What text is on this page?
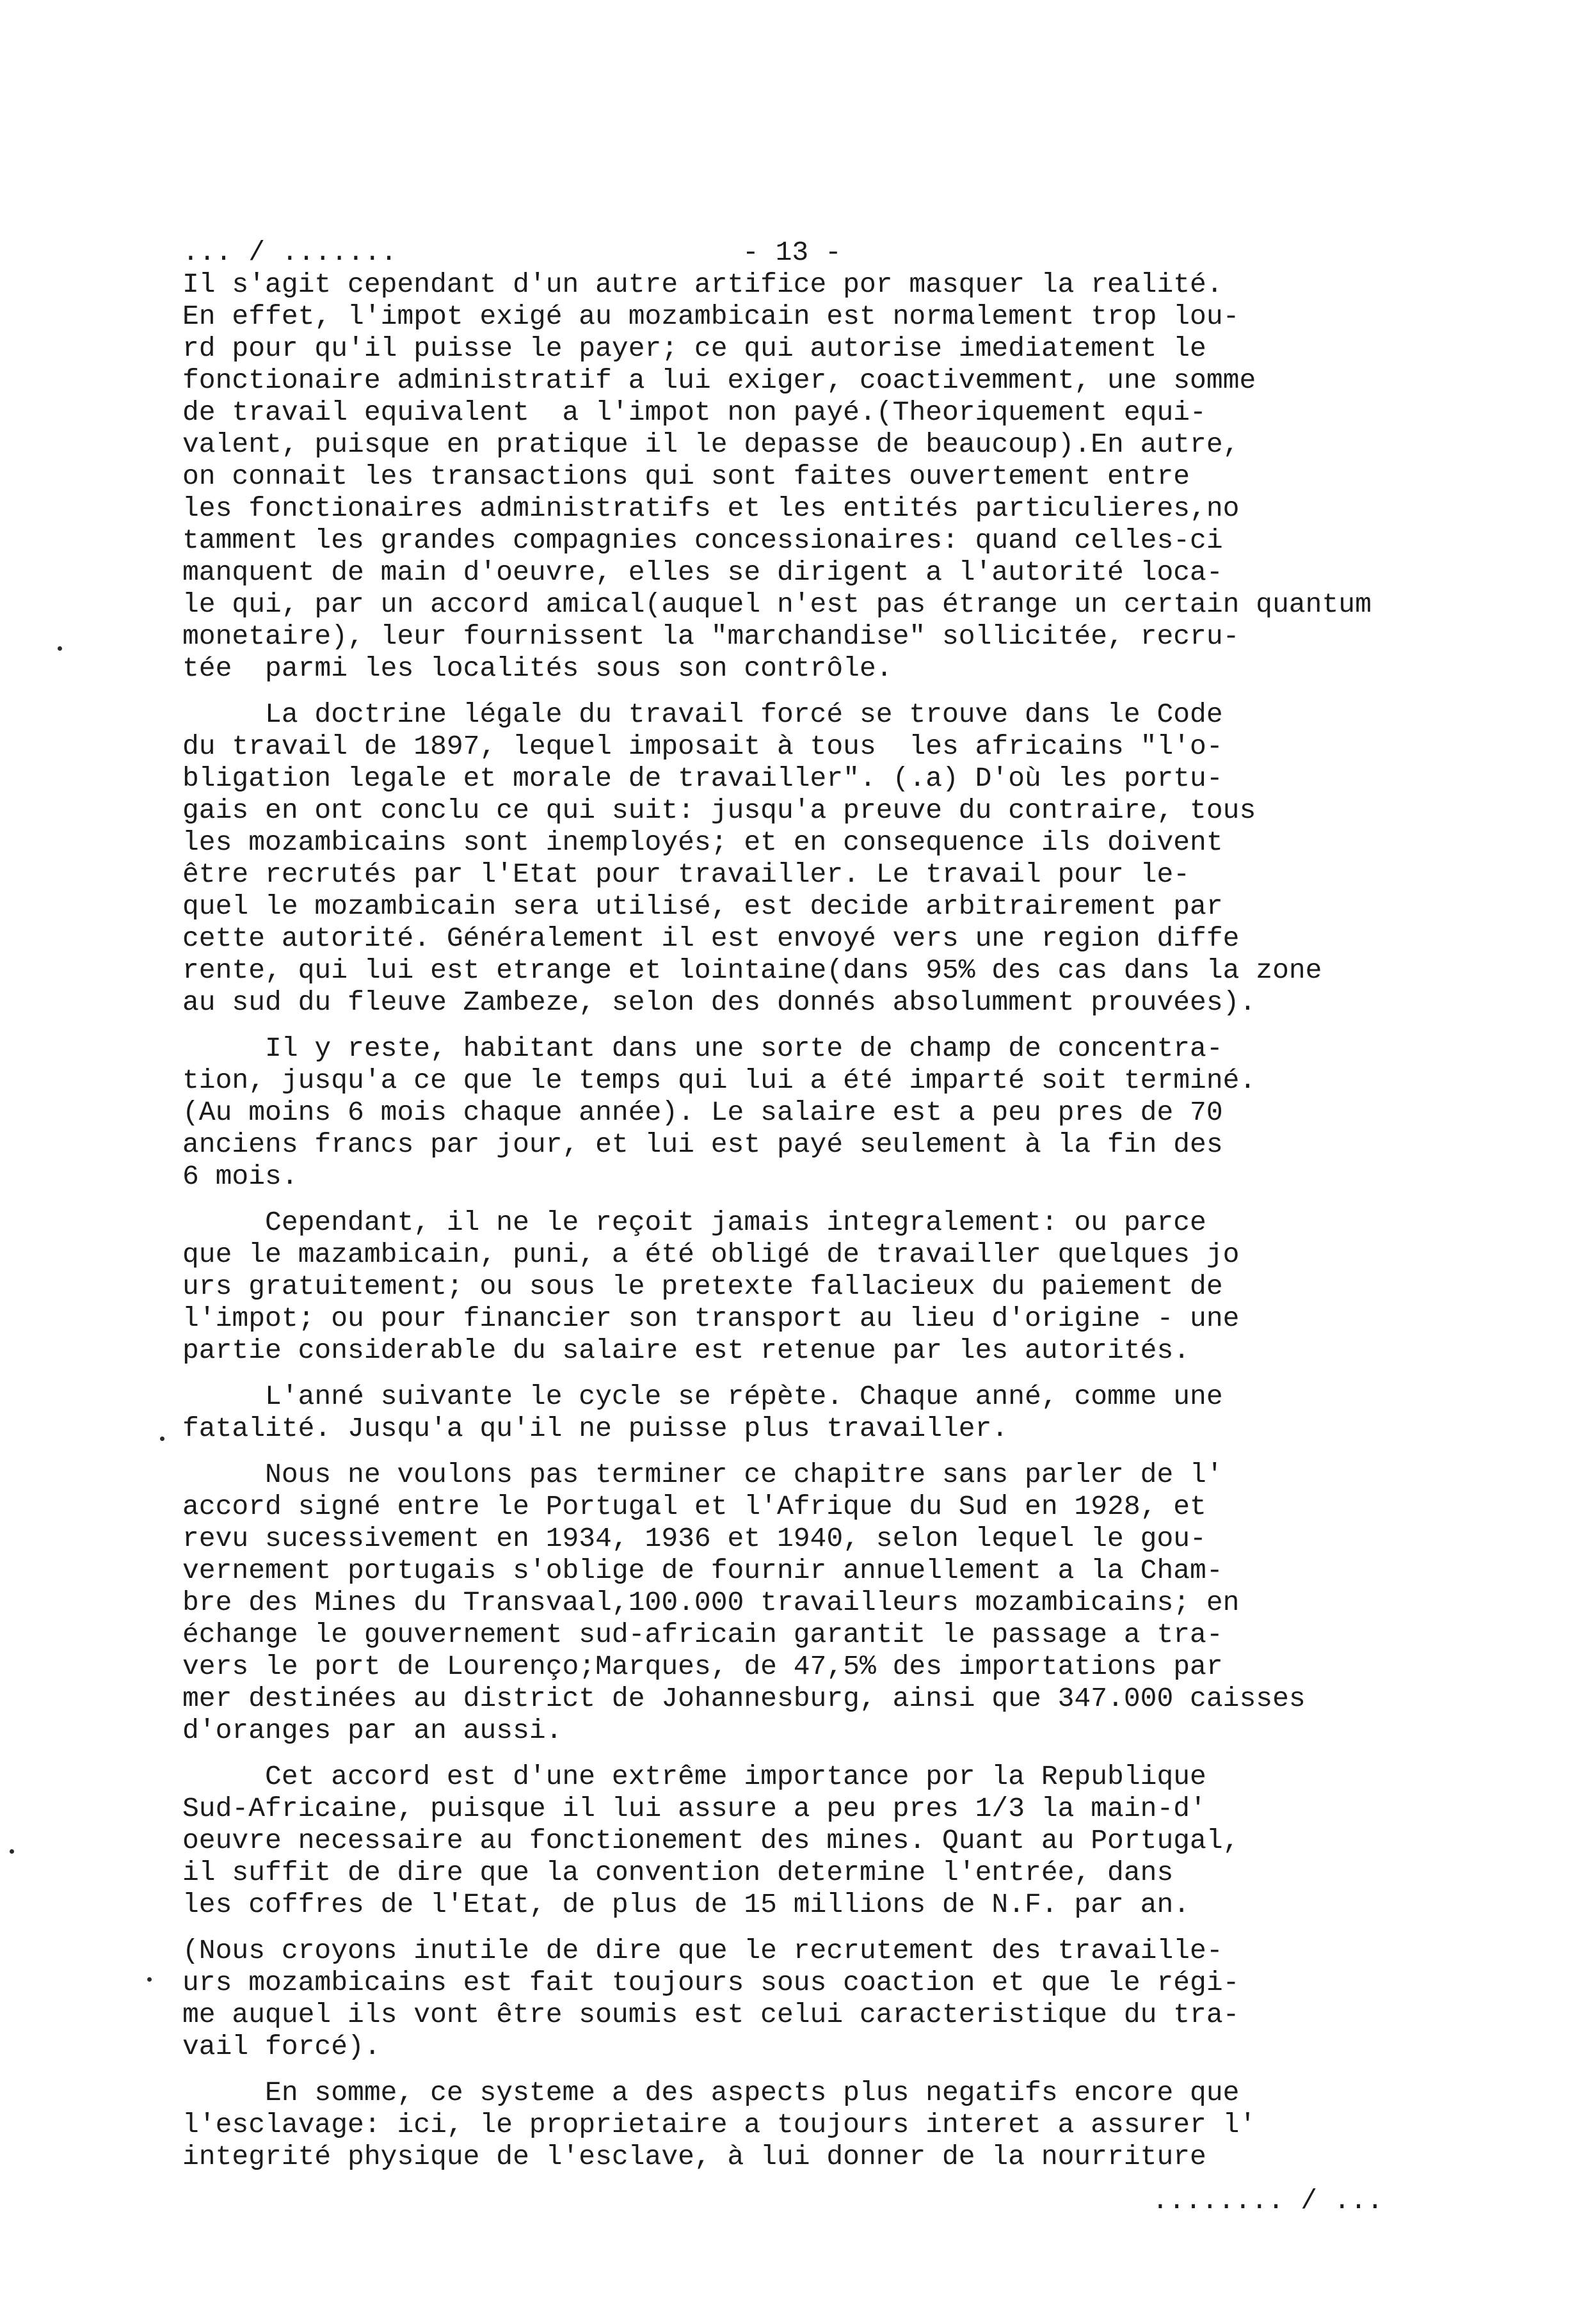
... / .......	- 13 -
Il s'agit cependant d'un autre artifice por masquer la realité.
En effet, l'impot exigé au mozambicain est normalement trop lou-
rd pour qu'il puisse le payer; ce qui autorise imediatement le
fonctionaire administratif a lui exiger, coactivemment, une somme
de travail equivalent  a l'impot non payé.(Theoriquement equi-
valent, puisque en pratique il le depasse de beaucoup).En autre,
on connait les transactions qui sont faites ouvertement entre
les fonctionaires administratifs et les entités particulieres,no
tamment les grandes compagnies concessionaires: quand celles-ci
manquent de main d'oeuvre, elles se dirigent a l'autorité loca-
le qui, par un accord amical(auquel n'est pas étrange un certain quantum
monetaire), leur fournissent la "marchandise" sollicitée, recru-
tée  parmi les localités sous son contrôle.
La doctrine légale du travail forcé se trouve dans le Code
du travail de 1897, lequel imposait à tous  les africains "l'o-
bligation legale et morale de travailler". (.a) D'où les portu-
gais en ont conclu ce qui suit: jusqu'a preuve du contraire, tous
les mozambicains sont inemployés; et en consequence ils doivent
être recrutés par l'Etat pour travailler. Le travail pour le-
quel le mozambicain sera utilisé, est decide arbitrairement par
cette autorité. Généralement il est envoyé vers une region diffe
rente, qui lui est etrange et lointaine(dans 95% des cas dans la zone
au sud du fleuve Zambeze, selon des donnés absolumment prouvées).
Il y reste, habitant dans une sorte de champ de concentra-
tion, jusqu'a ce que le temps qui lui a été imparté soit terminé.
(Au moins 6 mois chaque année). Le salaire est a peu pres de 70
anciens francs par jour, et lui est payé seulement à la fin des
6 mois.
Cependant, il ne le reçoit jamais integralement: ou parce
que le mazambicain, puni, a été obligé de travailler quelques jo
urs gratuitement; ou sous le pretexte fallacieux du paiement de
l'impot; ou pour financier son transport au lieu d'origine - une
partie considerable du salaire est retenue par les autorités.
L'anné suivante le cycle se répète. Chaque anné, comme une
fatalité. Jusqu'a qu'il ne puisse plus travailler.
Nous ne voulons pas terminer ce chapitre sans parler de l'
accord signé entre le Portugal et l'Afrique du Sud en 1928, et
revu sucessivement en 1934, 1936 et 1940, selon lequel le gou-
vernement portugais s'oblige de fournir annuellement a la Cham-
bre des Mines du Transvaal,100.000 travailleurs mozambicains; en
échange le gouvernement sud-africain garantit le passage a tra-
vers le port de Lourenço;Marques, de 47,5% des importations par
mer destinées au district de Johannesburg, ainsi que 347.000 caisses
d'oranges par an aussi.
Cet accord est d'une extrême importance por la Republique
Sud-Africaine, puisque il lui assure a peu pres 1/3 la main-d'
oeuvre necessaire au fonctionement des mines. Quant au Portugal,
il suffit de dire que la convention determine l'entrée, dans
les coffres de l'Etat, de plus de 15 millions de N.F. par an.
(Nous croyons inutile de dire que le recrutement des travaille-
urs mozambicains est fait toujours sous coaction et que le régi-
me auquel ils vont être soumis est celui caracteristique du tra-
vail forcé).
En somme, ce systeme a des aspects plus negatifs encore que
l'esclavage: ici, le proprietaire a toujours interet a assurer l'
integrité physique de l'esclave, à lui donner de la nourriture
........ / ...
